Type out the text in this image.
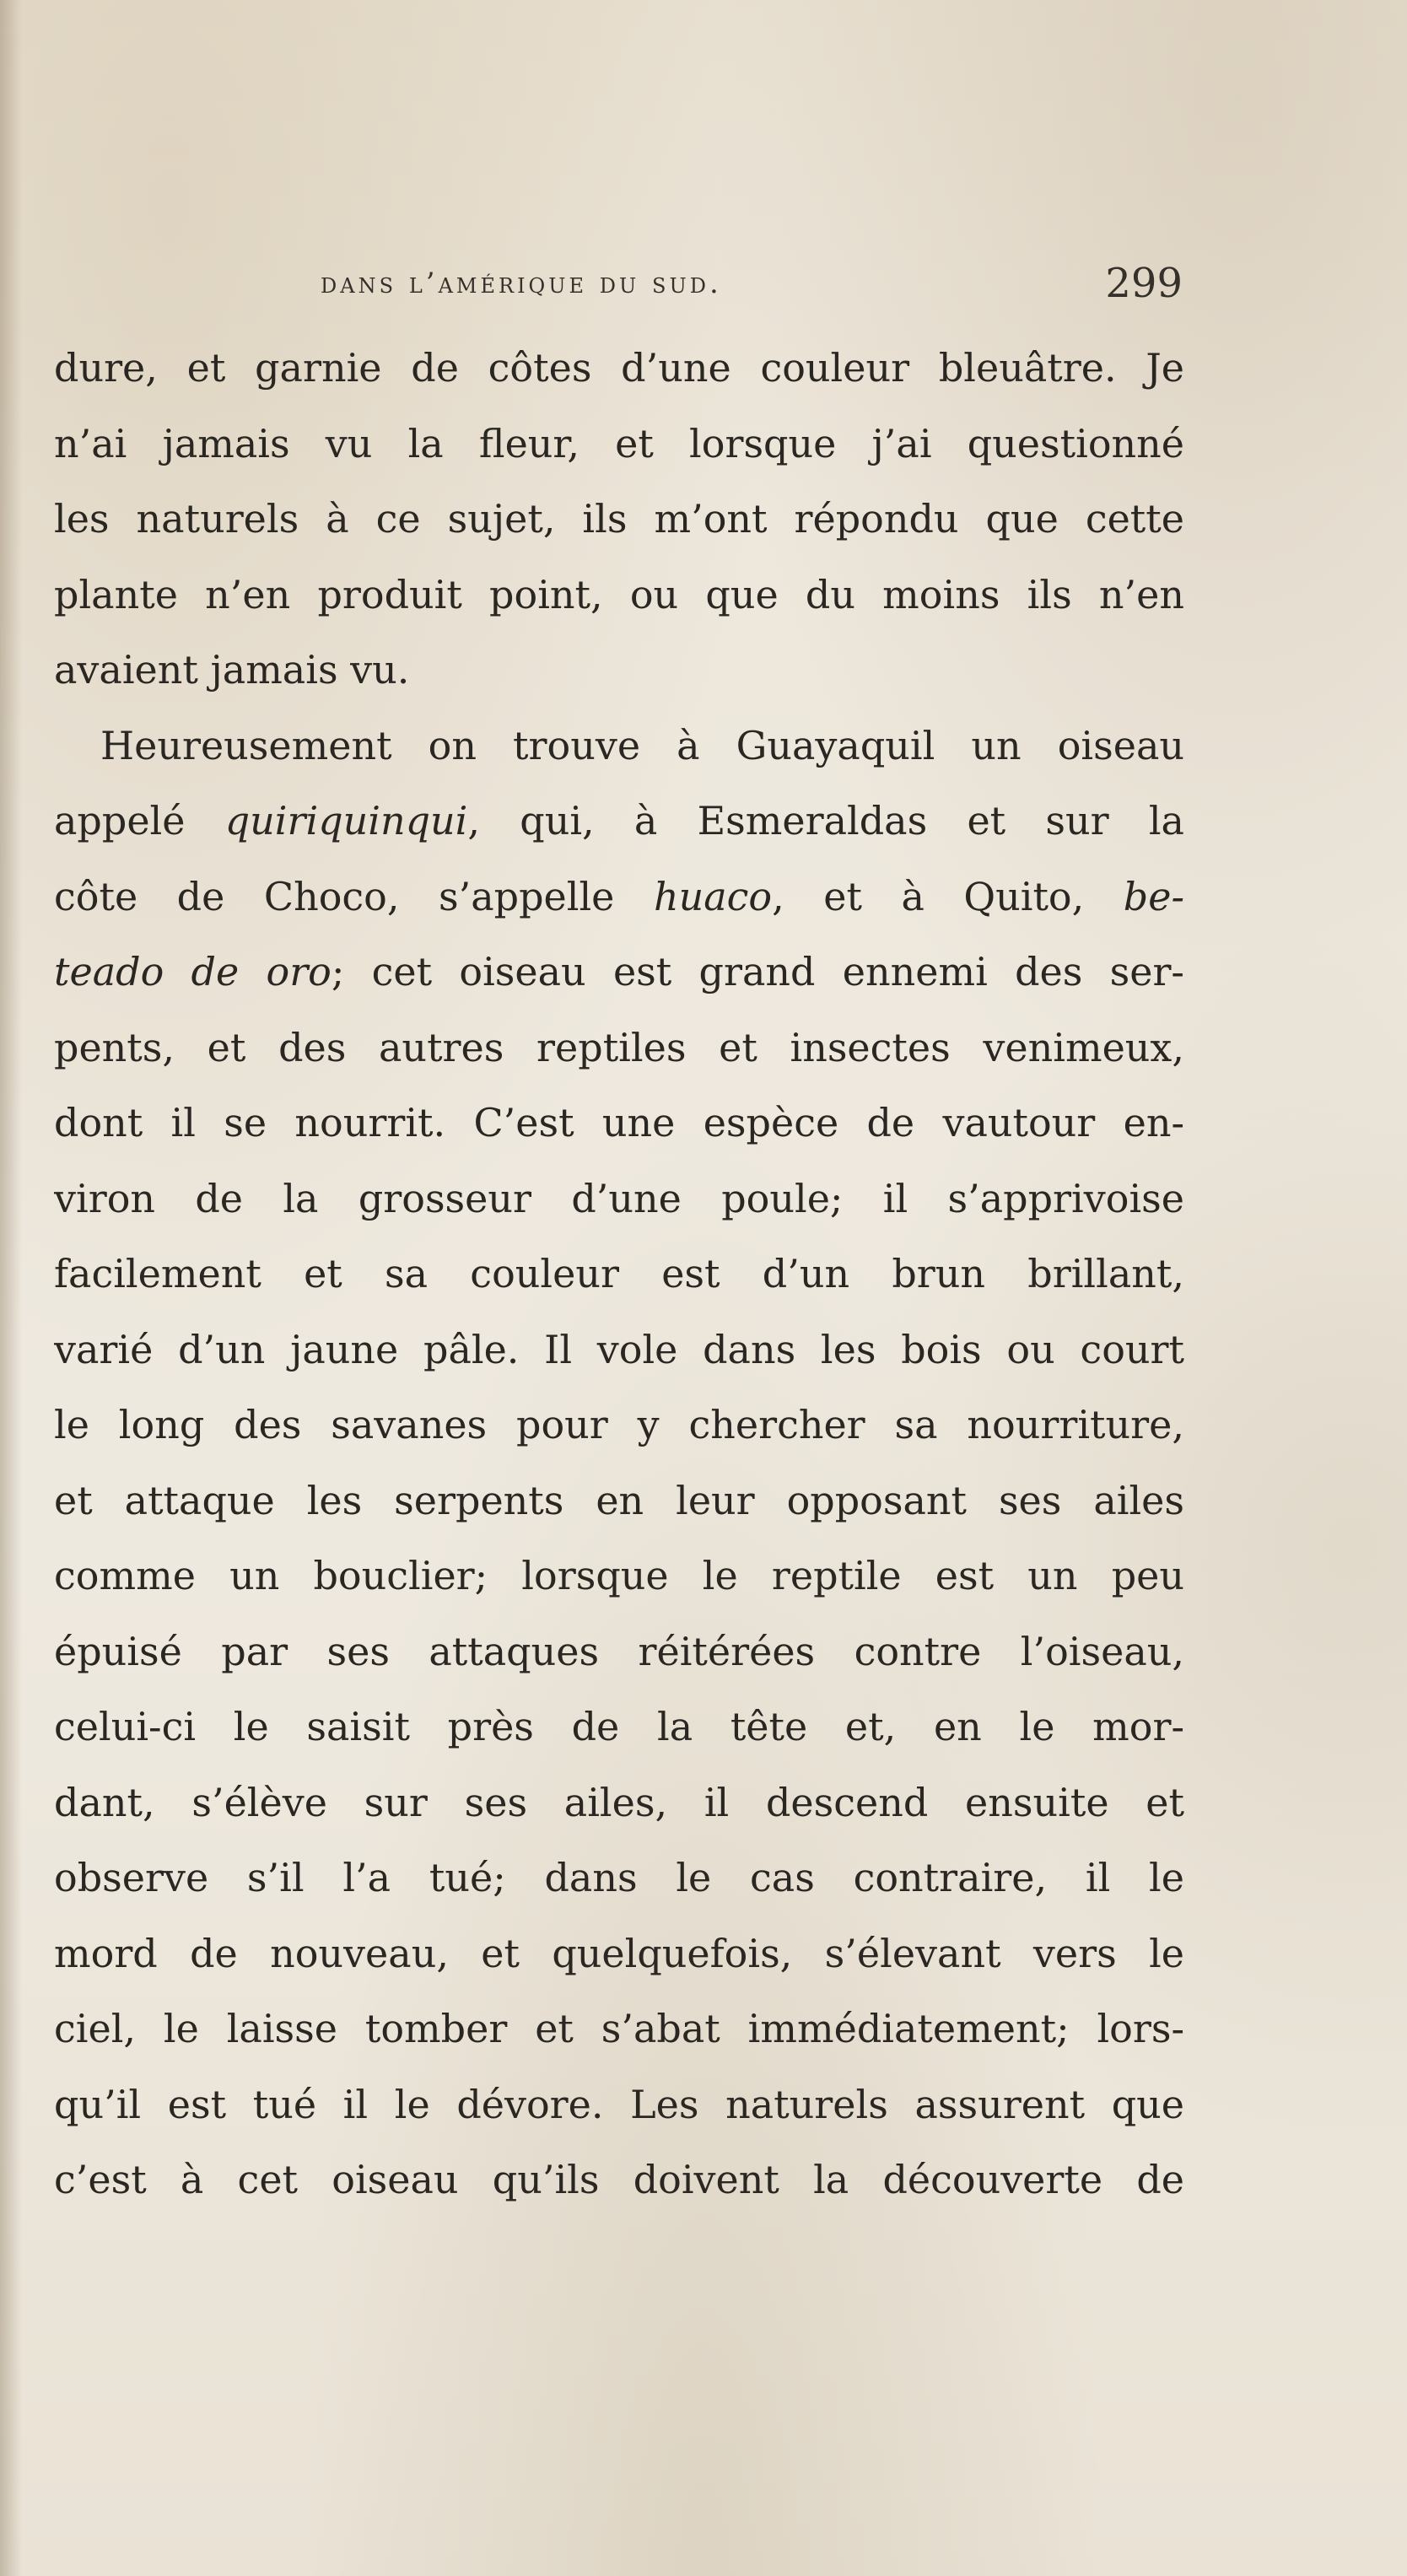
dans l’amérique du sud.	299
dure, et garnie de côtes d’une couleur bleuâtre. Je
n’ai jamais vu la fleur, et lorsque j’ai questionné
les naturels à ce sujet, ils m’ont répondu que cette
plante n’en produit point, ou que du moins ils n’en
avaient jamais vu.
Heureusement on trouve à Guayaquil un oiseau
appelé quiriquinqui, qui, à Esmeraldas et sur la
côte de Choco, s’appelle huaco, et à Quito, be-
teado de oro; cet oiseau est grand ennemi des ser-
pents, et des autres reptiles et insectes venimeux,
dont il se nourrit. C’est une espèce de vautour en-
viron de la grosseur d’une poule; il s’apprivoise
facilement et sa couleur est d’un brun brillant,
varié d’un jaune pâle. Il vole dans les bois ou court
le long des savanes pour y chercher sa nourriture,
et attaque les serpents en leur opposant ses ailes
comme un bouclier; lorsque le reptile est un peu
épuisé par ses attaques réitérées contre l’oiseau,
celui-ci le saisit près de la tête et, en le mor-
dant, s’élève sur ses ailes, il descend ensuite et
observe s’il l’a tué; dans le cas contraire, il le
mord de nouveau, et quelquefois, s’élevant vers le
ciel, le laisse tomber et s’abat immédiatement; lors-
qu’il est tué il le dévore. Les naturels assurent que
c’est à cet oiseau qu’ils doivent la découverte de
